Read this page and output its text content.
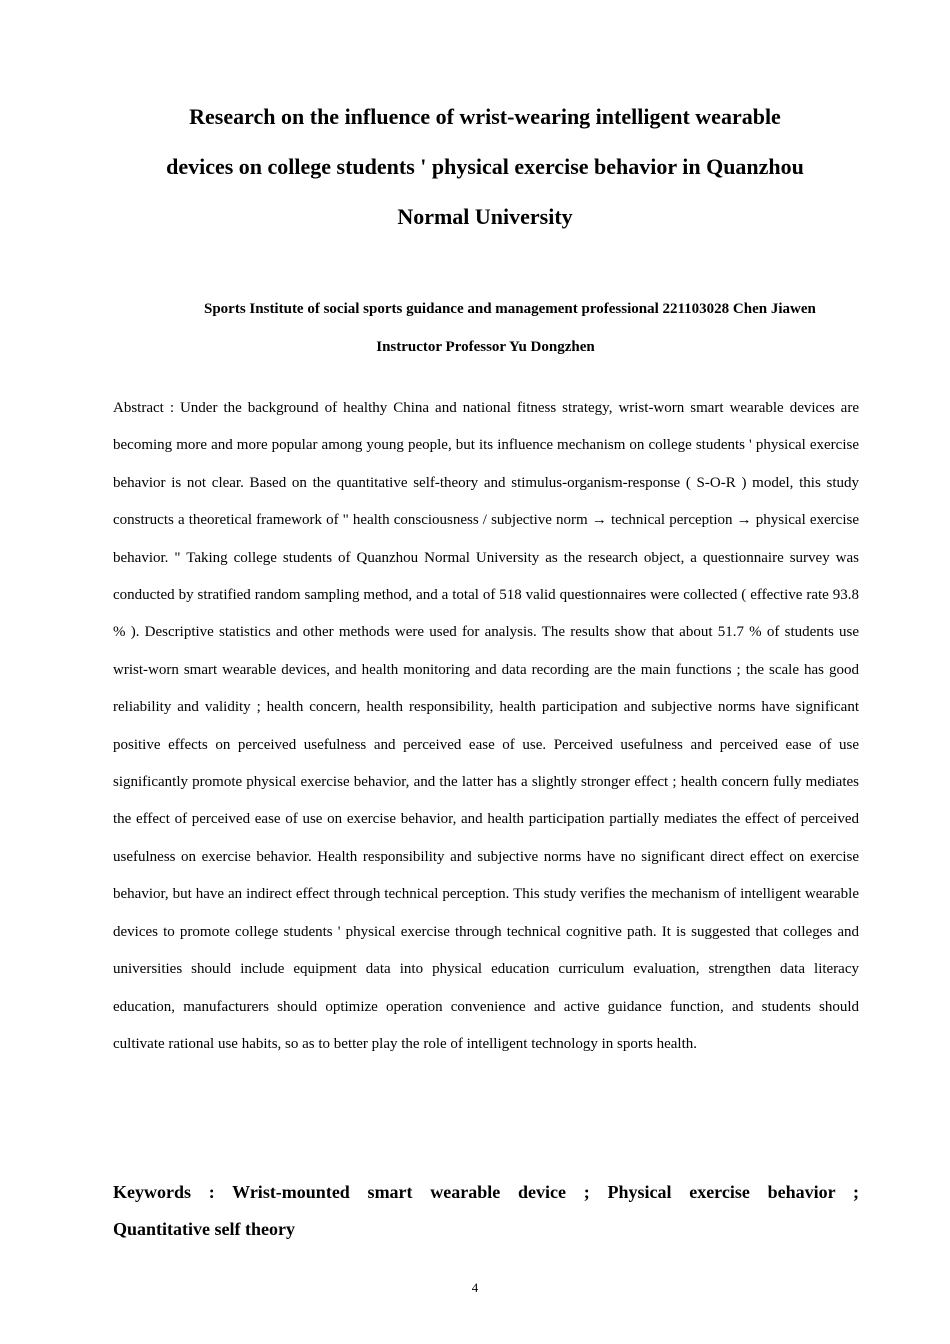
Research on the influence of wrist-wearing intelligent wearable
devices on college students ' physical exercise behavior in Quanzhou
Normal University
Sports Institute of social sports guidance and management professional 221103028 Chen Jiawen
Instructor Professor Yu Dongzhen

Abstract : Under the background of healthy China and national fitness strategy, wrist-worn smart wearable devices are becoming more and more popular among young people, but its influence mechanism on college students ' physical exercise behavior is not clear. Based on the quantitative self-theory and stimulus-organism-response ( S-O-R ) model, this study constructs a theoretical framework of " health consciousness / subjective norm → technical perception → physical exercise behavior. " Taking college students of Quanzhou Normal University as the research object, a questionnaire survey was conducted by stratified random sampling method, and a total of 518 valid questionnaires were collected ( effective rate 93.8 % ). Descriptive statistics and other methods were used for analysis. The results show that about 51.7 % of students use wrist-worn smart wearable devices, and health monitoring and data recording are the main functions ; the scale has good reliability and validity ; health concern, health responsibility, health participation and subjective norms have significant positive effects on perceived usefulness and perceived ease of use. Perceived usefulness and perceived ease of use significantly promote physical exercise behavior, and the latter has a slightly stronger effect ; health concern fully mediates the effect of perceived ease of use on exercise behavior, and health participation partially mediates the effect of perceived usefulness on exercise behavior. Health responsibility and subjective norms have no significant direct effect on exercise behavior, but have an indirect effect through technical perception. This study verifies the mechanism of intelligent wearable devices to promote college students ' physical exercise through technical cognitive path. It is suggested that colleges and universities should include equipment data into physical education curriculum evaluation, strengthen data literacy education, manufacturers should optimize operation convenience and active guidance function, and students should cultivate rational use habits, so as to better play the role of intelligent technology in sports health.

Keywords : Wrist-mounted smart wearable device ; Physical exercise behavior ;
Quantitative self theory
4
